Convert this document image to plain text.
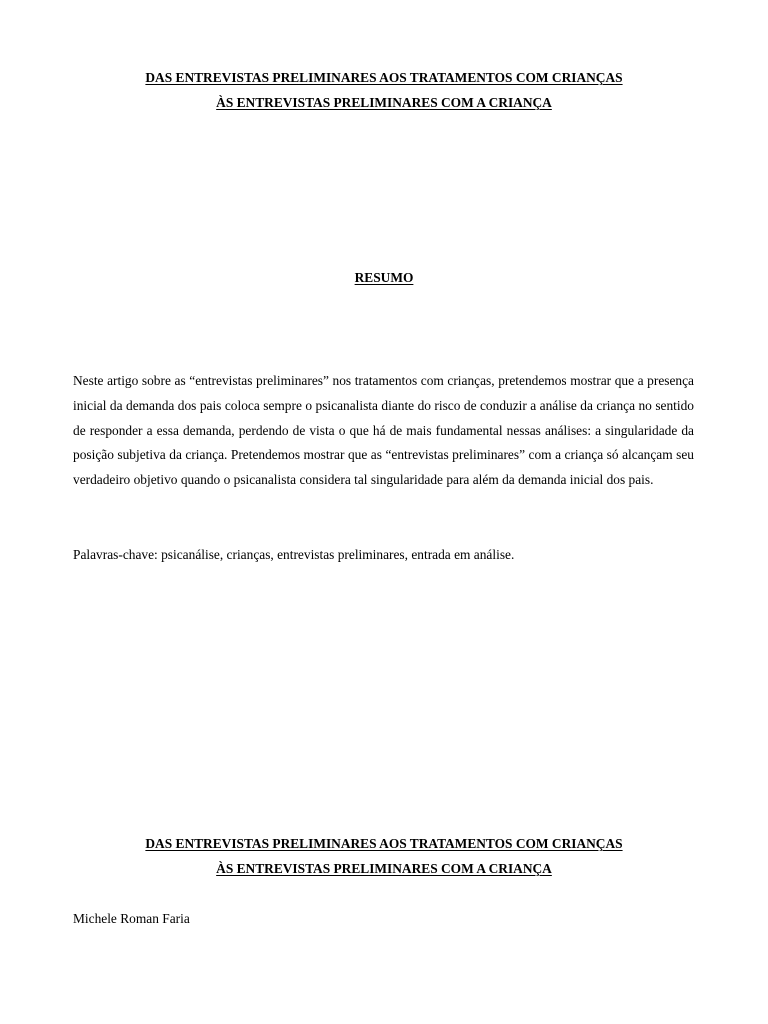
DAS ENTREVISTAS PRELIMINARES AOS TRATAMENTOS COM CRIANÇAS
ÀS ENTREVISTAS PRELIMINARES COM A CRIANÇA
RESUMO

Neste artigo sobre as “entrevistas preliminares” nos tratamentos com crianças, pretendemos mostrar que a presença inicial da demanda dos pais coloca sempre o psicanalista diante do risco de conduzir a análise da criança no sentido de responder a essa demanda, perdendo de vista o que há de mais fundamental nessas análises: a singularidade da posição subjetiva da criança. Pretendemos mostrar que as “entrevistas preliminares” com a criança só alcançam seu verdadeiro objetivo quando o psicanalista considera tal singularidade para além da demanda inicial dos pais.

Palavras-chave: psicanálise, crianças, entrevistas preliminares, entrada em análise.

DAS ENTREVISTAS PRELIMINARES AOS TRATAMENTOS COM CRIANÇAS
ÀS ENTREVISTAS PRELIMINARES COM A CRIANÇA

Michele Roman Faria
